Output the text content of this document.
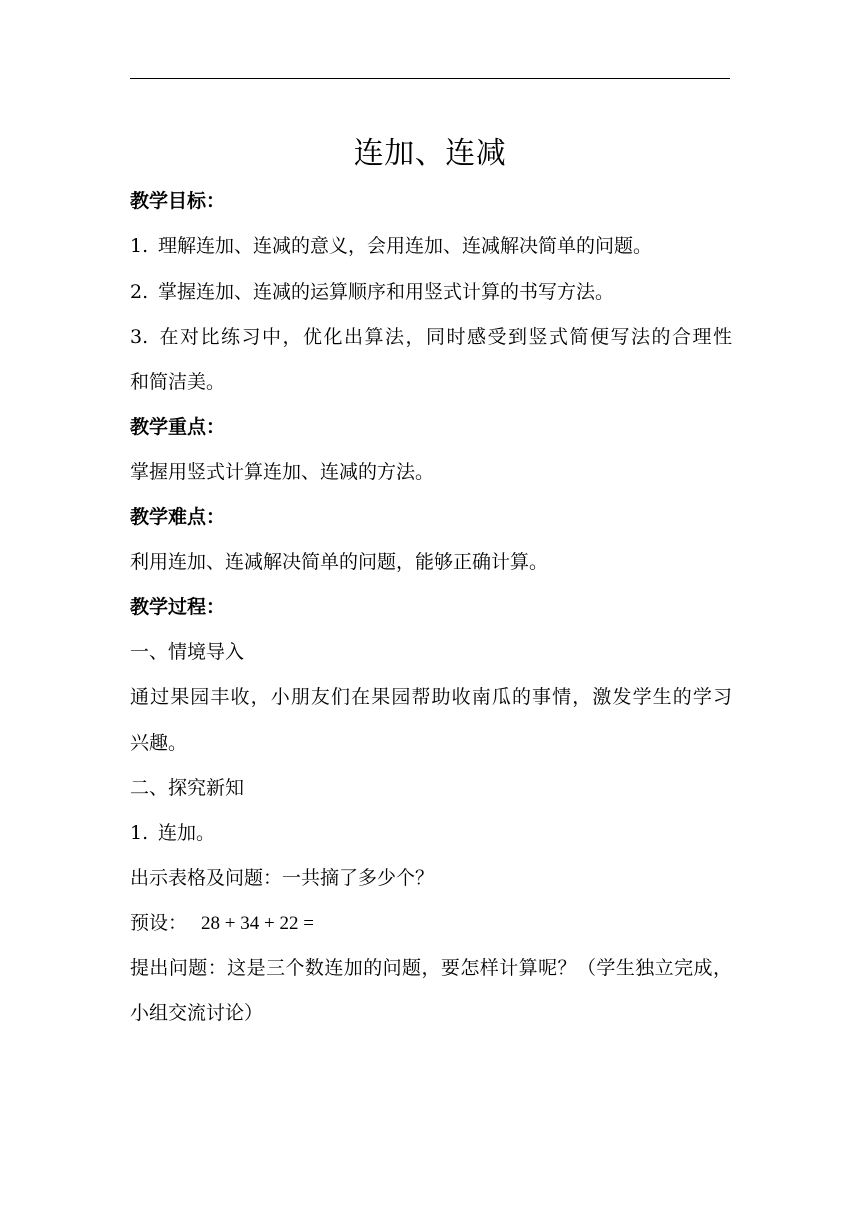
连加、连减
教学目标：
1. 理解连加、连减的意义，会用连加、连减解决简单的问题。
2. 掌握连加、连减的运算顺序和用竖式计算的书写方法。
3. 在对比练习中，优化出算法，同时感受到竖式简便写法的合理性
和简洁美。
教学重点：
掌握用竖式计算连加、连减的方法。
教学难点：
利用连加、连减解决简单的问题，能够正确计算。
教学过程：
一、情境导入
通过果园丰收，小朋友们在果园帮助收南瓜的事情，激发学生的学习
兴趣。
二、探究新知
1. 连加。
出示表格及问题：一共摘了多少个？
预设： 28 + 34 + 22 =
提出问题：这是三个数连加的问题，要怎样计算呢？（学生独立完成，
小组交流讨论）
